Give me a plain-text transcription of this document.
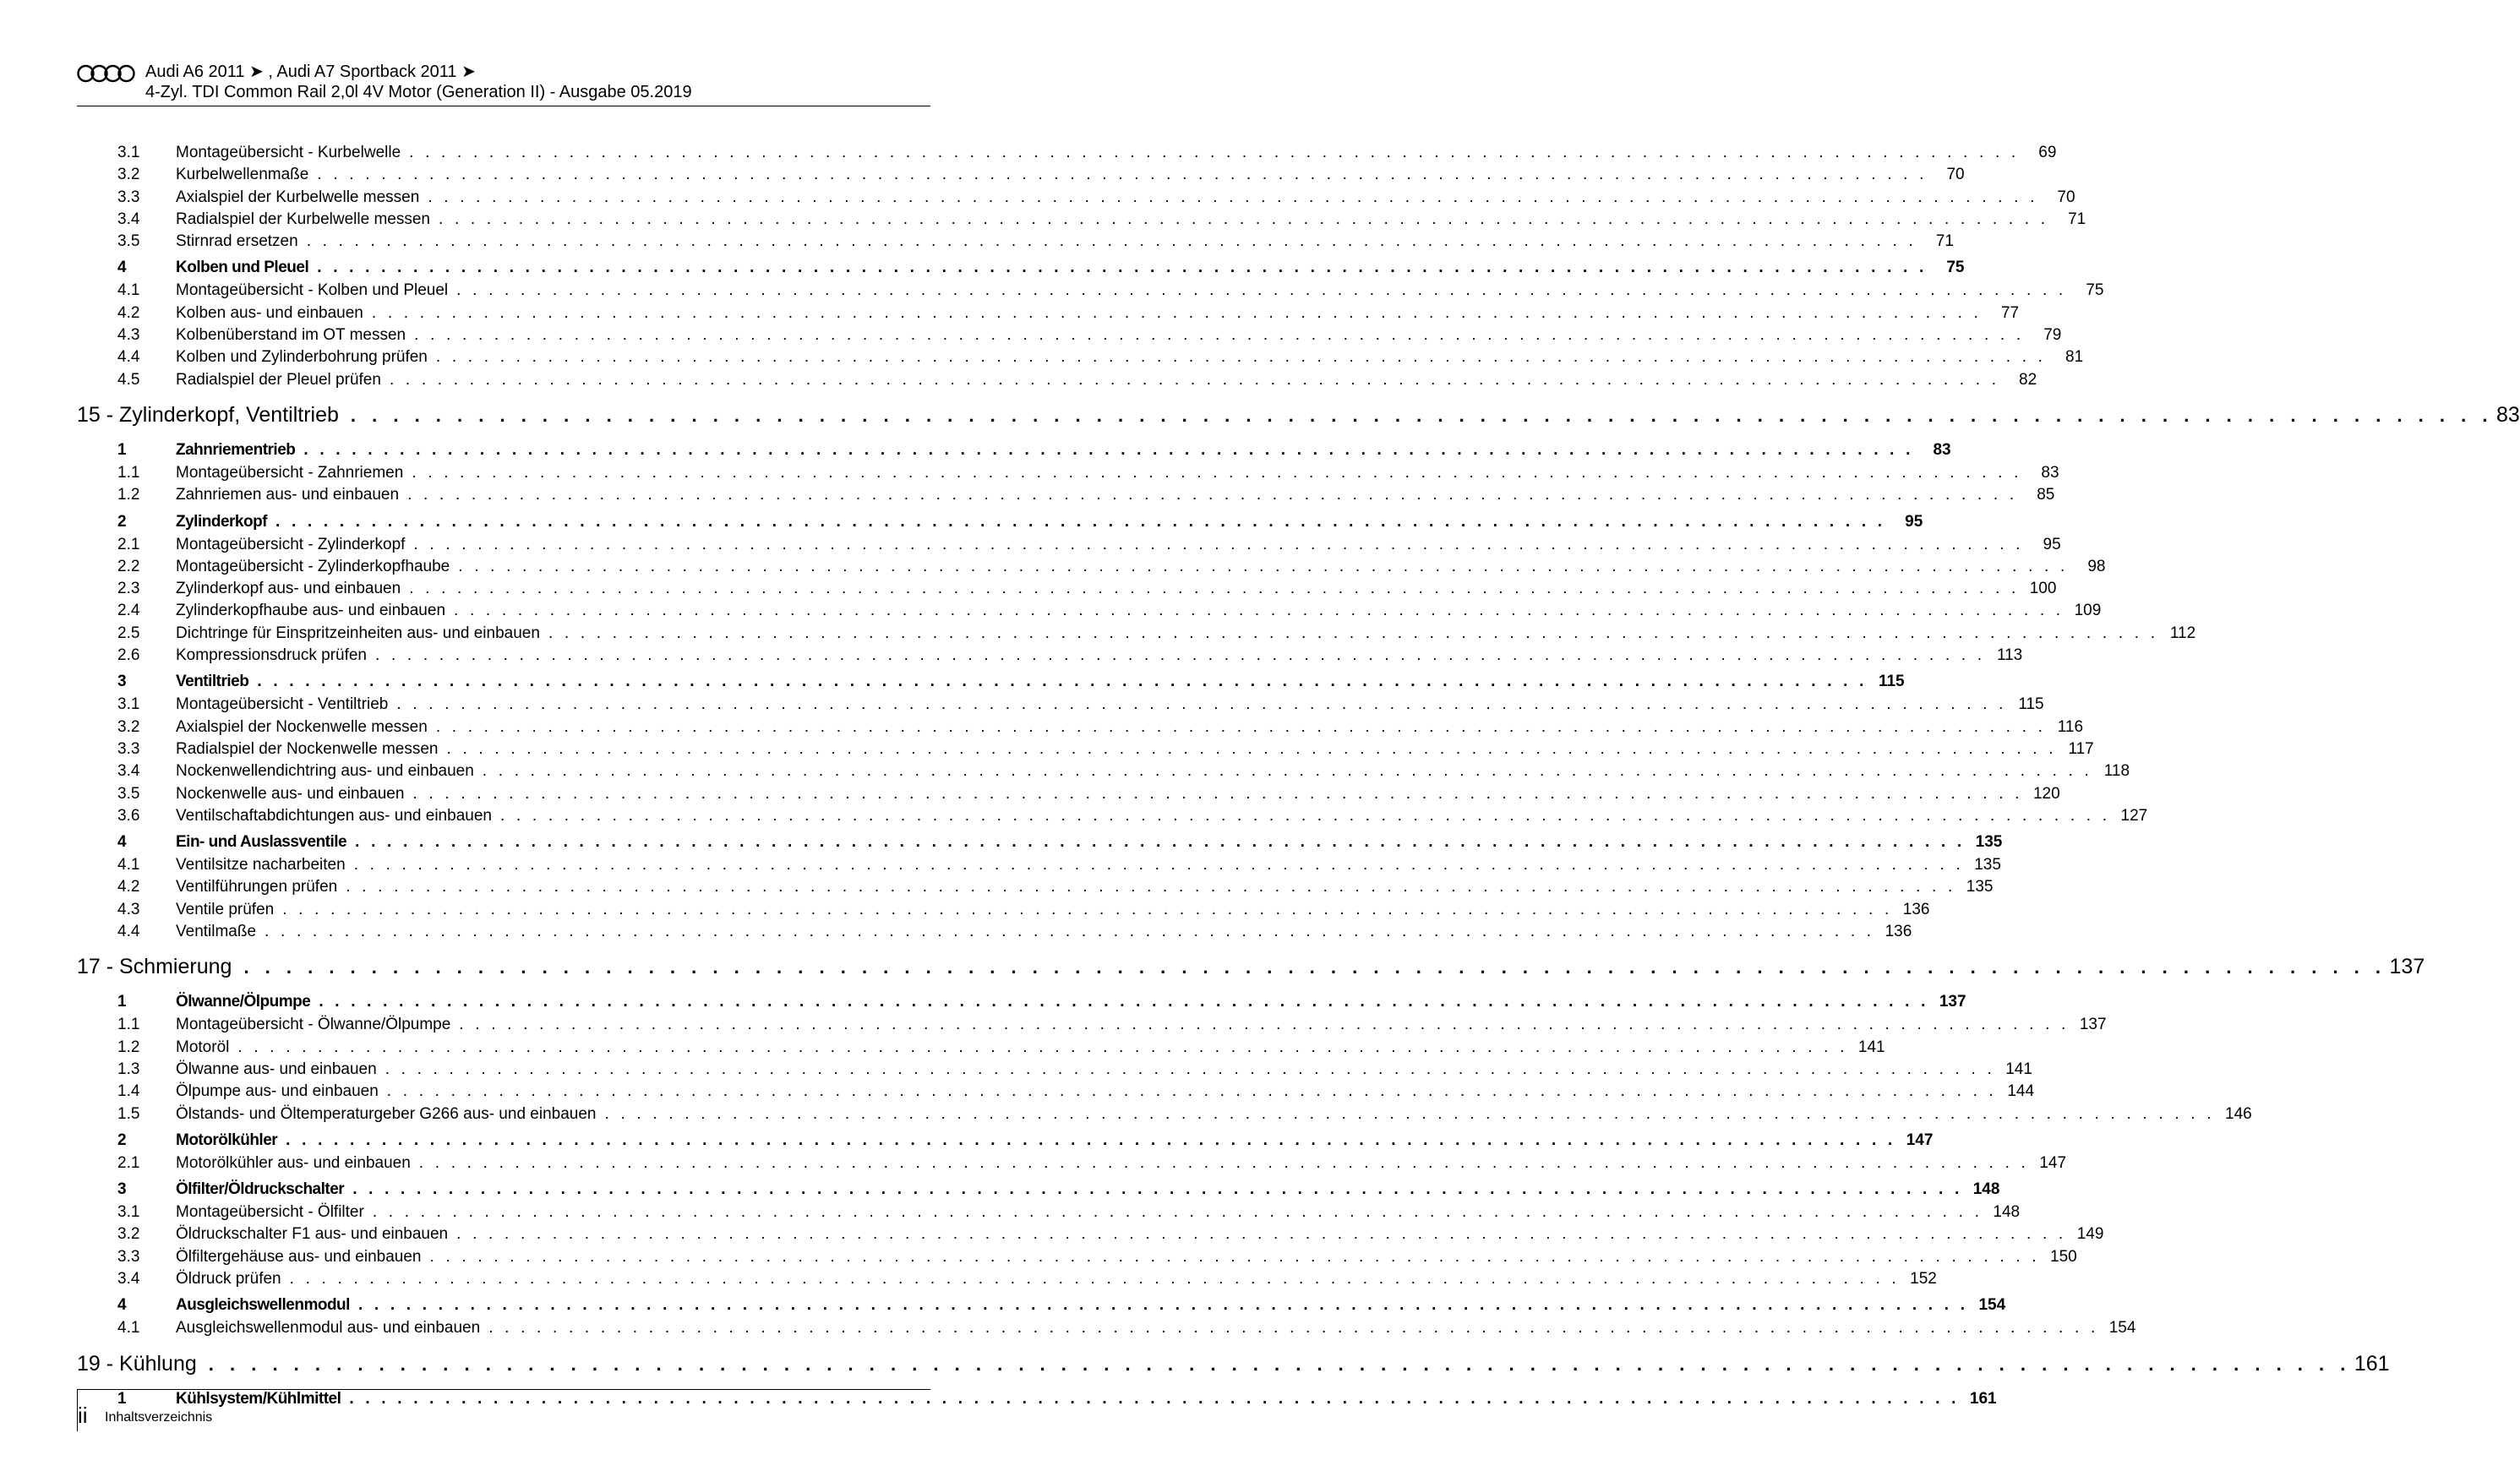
Audi A6 2011 ➤ , Audi A7 Sportback 2011 ➤
4-Zyl. TDI Common Rail 2,0l 4V Motor (Generation II) - Ausgabe 05.2019
3.1 Montageübersicht - Kurbelwelle . . . . . . . . . . . . . . . . . . . . . . . . . . . . . . . . . . . . . . . . . . . . . . . . . . . . . . . . . . . . . . . . . . . . . . . . . . . . . . . . . . . . . . . . . . . . . . . . . . . . .	69
3.2 Kurbelwellenmaße . . . . . . . . . . . . . . . . . . . . . . . . . . . . . . . . . . . . . . . . . . . . . . . . . . . . . . . . . . . . . . . . . . . . . . . . . . . . . . . . . . . . . . . . . . . . . . . . . . . . .	70
3.3 Axialspiel der Kurbelwelle messen . . . . . . . . . . . . . . . . . . . . . . . . . . . . . . . . . . . . . . . . . . . . . . . . . . . . . . . . . . . . . . . . . . . . . . . . . . . . . . . . . . . . . . . . . . . . . . . . . . . . .	70
3.4 Radialspiel der Kurbelwelle messen . . . . . . . . . . . . . . . . . . . . . . . . . . . . . . . . . . . . . . . . . . . . . . . . . . . . . . . . . . . . . . . . . . . . . . . . . . . . . . . . . . . . . . . . . . . . . . . . . . . . .	71
3.5 Stirnrad ersetzen . . . . . . . . . . . . . . . . . . . . . . . . . . . . . . . . . . . . . . . . . . . . . . . . . . . . . . . . . . . . . . . . . . . . . . . . . . . . . . . . . . . . . . . . . . . . . . . . . . . . .	71
4	Kolben und Pleuel . . . . . . . . . . . . . . . . . . . . . . . . . . . . . . . . . . . . . . . . . . . . . . . . . . . . . . . . . . . . . . . . . . . . . . . . . . . . . . . . . . . . . . . . . . . . . . . . . . . . .	75
4.1 Montageübersicht - Kolben und Pleuel . . . . . . . . . . . . . . . . . . . . . . . . . . . . . . . . . . . . . . . . . . . . . . . . . . . . . . . . . . . . . . . . . . . . . . . . . . . . . . . . . . . . . . . . . . . . . . . . . . . . .	75
4.2 Kolben aus- und einbauen . . . . . . . . . . . . . . . . . . . . . . . . . . . . . . . . . . . . . . . . . . . . . . . . . . . . . . . . . . . . . . . . . . . . . . . . . . . . . . . . . . . . . . . . . . . . . . . . . . . . .	77
4.3 Kolbenüberstand im OT messen . . . . . . . . . . . . . . . . . . . . . . . . . . . . . . . . . . . . . . . . . . . . . . . . . . . . . . . . . . . . . . . . . . . . . . . . . . . . . . . . . . . . . . . . . . . . . . . . . . . . .	79
4.4 Kolben und Zylinderbohrung prüfen . . . . . . . . . . . . . . . . . . . . . . . . . . . . . . . . . . . . . . . . . . . . . . . . . . . . . . . . . . . . . . . . . . . . . . . . . . . . . . . . . . . . . . . . . . . . . . . . . . . . .	81
4.5 Radialspiel der Pleuel prüfen . . . . . . . . . . . . . . . . . . . . . . . . . . . . . . . . . . . . . . . . . . . . . . . . . . . . . . . . . . . . . . . . . . . . . . . . . . . . . . . . . . . . . . . . . . . . . . . . . . . . .	82
15 - Zylinderkopf, Ventiltrieb . . . . . . . . . . . . . . . . . . . . . . . . . . . . . . . . . . . . . . . . . . . . . . . . . . . . . . . . . . . . . . . . . . . . . . . . . . . . . . . . . . . . . . . . . . . . . . . . . . . . . 83
1	Zahnriementrieb . . . . . . . . . . . . . . . . . . . . . . . . . . . . . . . . . . . . . . . . . . . . . . . . . . . . . . . . . . . . . . . . . . . . . . . . . . . . . . . . . . . . . . . . . . . . . . . . . . . . .	83
1.1 Montageübersicht - Zahnriemen . . . . . . . . . . . . . . . . . . . . . . . . . . . . . . . . . . . . . . . . . . . . . . . . . . . . . . . . . . . . . . . . . . . . . . . . . . . . . . . . . . . . . . . . . . . . . . . . . . . . .	83
1.2 Zahnriemen aus- und einbauen . . . . . . . . . . . . . . . . . . . . . . . . . . . . . . . . . . . . . . . . . . . . . . . . . . . . . . . . . . . . . . . . . . . . . . . . . . . . . . . . . . . . . . . . . . . . . . . . . . . . .	85
2	Zylinderkopf . . . . . . . . . . . . . . . . . . . . . . . . . . . . . . . . . . . . . . . . . . . . . . . . . . . . . . . . . . . . . . . . . . . . . . . . . . . . . . . . . . . . . . . . . . . . . . . . . . . . .	95
2.1 Montageübersicht - Zylinderkopf . . . . . . . . . . . . . . . . . . . . . . . . . . . . . . . . . . . . . . . . . . . . . . . . . . . . . . . . . . . . . . . . . . . . . . . . . . . . . . . . . . . . . . . . . . . . . . . . . . . . .	95
2.2 Montageübersicht - Zylinderkopfhaube . . . . . . . . . . . . . . . . . . . . . . . . . . . . . . . . . . . . . . . . . . . . . . . . . . . . . . . . . . . . . . . . . . . . . . . . . . . . . . . . . . . . . . . . . . . . . . . . . . . . .	98
2.3 Zylinderkopf aus- und einbauen . . . . . . . . . . . . . . . . . . . . . . . . . . . . . . . . . . . . . . . . . . . . . . . . . . . . . . . . . . . . . . . . . . . . . . . . . . . . . . . . . . . . . . . . . . . . . . . . . . . . . 100
2.4 Zylinderkopfhaube aus- und einbauen . . . . . . . . . . . . . . . . . . . . . . . . . . . . . . . . . . . . . . . . . . . . . . . . . . . . . . . . . . . . . . . . . . . . . . . . . . . . . . . . . . . . . . . . . . . . . . . . . . . . . 109
2.5 Dichtringe für Einspritzeinheiten aus- und einbauen . . . . . . . . . . . . . . . . . . . . . . . . . . . . . . . . . . . . . . . . . . . . . . . . . . . . . . . . . . . . . . . . . . . . . . . . . . . . . . . . . . . . . . . . . . . . . . . . . . . . . 112
2.6 Kompressionsdruck prüfen . . . . . . . . . . . . . . . . . . . . . . . . . . . . . . . . . . . . . . . . . . . . . . . . . . . . . . . . . . . . . . . . . . . . . . . . . . . . . . . . . . . . . . . . . . . . . . . . . . . . . 113
3	Ventiltrieb . . . . . . . . . . . . . . . . . . . . . . . . . . . . . . . . . . . . . . . . . . . . . . . . . . . . . . . . . . . . . . . . . . . . . . . . . . . . . . . . . . . . . . . . . . . . . . . . . . . . . 115
3.1 Montageübersicht - Ventiltrieb . . . . . . . . . . . . . . . . . . . . . . . . . . . . . . . . . . . . . . . . . . . . . . . . . . . . . . . . . . . . . . . . . . . . . . . . . . . . . . . . . . . . . . . . . . . . . . . . . . . . . 115
3.2 Axialspiel der Nockenwelle messen . . . . . . . . . . . . . . . . . . . . . . . . . . . . . . . . . . . . . . . . . . . . . . . . . . . . . . . . . . . . . . . . . . . . . . . . . . . . . . . . . . . . . . . . . . . . . . . . . . . . . 116
3.3 Radialspiel der Nockenwelle messen . . . . . . . . . . . . . . . . . . . . . . . . . . . . . . . . . . . . . . . . . . . . . . . . . . . . . . . . . . . . . . . . . . . . . . . . . . . . . . . . . . . . . . . . . . . . . . . . . . . . . 117
3.4 Nockenwellendichtring aus- und einbauen . . . . . . . . . . . . . . . . . . . . . . . . . . . . . . . . . . . . . . . . . . . . . . . . . . . . . . . . . . . . . . . . . . . . . . . . . . . . . . . . . . . . . . . . . . . . . . . . . . . . . 118
3.5 Nockenwelle aus- und einbauen . . . . . . . . . . . . . . . . . . . . . . . . . . . . . . . . . . . . . . . . . . . . . . . . . . . . . . . . . . . . . . . . . . . . . . . . . . . . . . . . . . . . . . . . . . . . . . . . . . . . . 120
3.6 Ventilschaftabdichtungen aus- und einbauen . . . . . . . . . . . . . . . . . . . . . . . . . . . . . . . . . . . . . . . . . . . . . . . . . . . . . . . . . . . . . . . . . . . . . . . . . . . . . . . . . . . . . . . . . . . . . . . . . . . . . 127
4	Ein- und Auslassventile . . . . . . . . . . . . . . . . . . . . . . . . . . . . . . . . . . . . . . . . . . . . . . . . . . . . . . . . . . . . . . . . . . . . . . . . . . . . . . . . . . . . . . . . . . . . . . . . . . . . . 135
4.1 Ventilsitze nacharbeiten . . . . . . . . . . . . . . . . . . . . . . . . . . . . . . . . . . . . . . . . . . . . . . . . . . . . . . . . . . . . . . . . . . . . . . . . . . . . . . . . . . . . . . . . . . . . . . . . . . . . . 135
4.2 Ventilführungen prüfen . . . . . . . . . . . . . . . . . . . . . . . . . . . . . . . . . . . . . . . . . . . . . . . . . . . . . . . . . . . . . . . . . . . . . . . . . . . . . . . . . . . . . . . . . . . . . . . . . . . . . 135
4.3 Ventile prüfen . . . . . . . . . . . . . . . . . . . . . . . . . . . . . . . . . . . . . . . . . . . . . . . . . . . . . . . . . . . . . . . . . . . . . . . . . . . . . . . . . . . . . . . . . . . . . . . . . . . . . 136
4.4 Ventilmaße . . . . . . . . . . . . . . . . . . . . . . . . . . . . . . . . . . . . . . . . . . . . . . . . . . . . . . . . . . . . . . . . . . . . . . . . . . . . . . . . . . . . . . . . . . . . . . . . . . . . . 136
17 - Schmierung . . . . . . . . . . . . . . . . . . . . . . . . . . . . . . . . . . . . . . . . . . . . . . . . . . . . . . . . . . . . . . . . . . . . . . . . . . . . . . . . . . . . . . . . . . . . . . . . . . . . . 137
1	Ölwanne/Ölpumpe . . . . . . . . . . . . . . . . . . . . . . . . . . . . . . . . . . . . . . . . . . . . . . . . . . . . . . . . . . . . . . . . . . . . . . . . . . . . . . . . . . . . . . . . . . . . . . . . . . . . . 137
1.1 Montageübersicht - Ölwanne/Ölpumpe . . . . . . . . . . . . . . . . . . . . . . . . . . . . . . . . . . . . . . . . . . . . . . . . . . . . . . . . . . . . . . . . . . . . . . . . . . . . . . . . . . . . . . . . . . . . . . . . . . . . . 137
1.2 Motoröl . . . . . . . . . . . . . . . . . . . . . . . . . . . . . . . . . . . . . . . . . . . . . . . . . . . . . . . . . . . . . . . . . . . . . . . . . . . . . . . . . . . . . . . . . . . . . . . . . . . . . 141
1.3 Ölwanne aus- und einbauen . . . . . . . . . . . . . . . . . . . . . . . . . . . . . . . . . . . . . . . . . . . . . . . . . . . . . . . . . . . . . . . . . . . . . . . . . . . . . . . . . . . . . . . . . . . . . . . . . . . . . 141
1.4 Ölpumpe aus- und einbauen . . . . . . . . . . . . . . . . . . . . . . . . . . . . . . . . . . . . . . . . . . . . . . . . . . . . . . . . . . . . . . . . . . . . . . . . . . . . . . . . . . . . . . . . . . . . . . . . . . . . . 144
1.5 Ölstands- und Öltemperaturgeber G266 aus- und einbauen . . . . . . . . . . . . . . . . . . . . . . . . . . . . . . . . . . . . . . . . . . . . . . . . . . . . . . . . . . . . . . . . . . . . . . . . . . . . . . . . . . . . . . . . . . . . . . . . . . . . . 146
2	Motorölkühler . . . . . . . . . . . . . . . . . . . . . . . . . . . . . . . . . . . . . . . . . . . . . . . . . . . . . . . . . . . . . . . . . . . . . . . . . . . . . . . . . . . . . . . . . . . . . . . . . . . . . 147
2.1 Motorölkühler aus- und einbauen . . . . . . . . . . . . . . . . . . . . . . . . . . . . . . . . . . . . . . . . . . . . . . . . . . . . . . . . . . . . . . . . . . . . . . . . . . . . . . . . . . . . . . . . . . . . . . . . . . . . . 147
3	Ölfilter/Öldruckschalter . . . . . . . . . . . . . . . . . . . . . . . . . . . . . . . . . . . . . . . . . . . . . . . . . . . . . . . . . . . . . . . . . . . . . . . . . . . . . . . . . . . . . . . . . . . . . . . . . . . . . 148
3.1 Montageübersicht - Ölfilter . . . . . . . . . . . . . . . . . . . . . . . . . . . . . . . . . . . . . . . . . . . . . . . . . . . . . . . . . . . . . . . . . . . . . . . . . . . . . . . . . . . . . . . . . . . . . . . . . . . . . 148
3.2 Öldruckschalter F1 aus- und einbauen . . . . . . . . . . . . . . . . . . . . . . . . . . . . . . . . . . . . . . . . . . . . . . . . . . . . . . . . . . . . . . . . . . . . . . . . . . . . . . . . . . . . . . . . . . . . . . . . . . . . . 149
3.3 Ölfiltergehäuse aus- und einbauen . . . . . . . . . . . . . . . . . . . . . . . . . . . . . . . . . . . . . . . . . . . . . . . . . . . . . . . . . . . . . . . . . . . . . . . . . . . . . . . . . . . . . . . . . . . . . . . . . . . . . 150
3.4 Öldruck prüfen . . . . . . . . . . . . . . . . . . . . . . . . . . . . . . . . . . . . . . . . . . . . . . . . . . . . . . . . . . . . . . . . . . . . . . . . . . . . . . . . . . . . . . . . . . . . . . . . . . . . . 152
4	Ausgleichswellenmodul . . . . . . . . . . . . . . . . . . . . . . . . . . . . . . . . . . . . . . . . . . . . . . . . . . . . . . . . . . . . . . . . . . . . . . . . . . . . . . . . . . . . . . . . . . . . . . . . . . . . . 154
4.1 Ausgleichswellenmodul aus- und einbauen . . . . . . . . . . . . . . . . . . . . . . . . . . . . . . . . . . . . . . . . . . . . . . . . . . . . . . . . . . . . . . . . . . . . . . . . . . . . . . . . . . . . . . . . . . . . . . . . . . . . . 154
19 - Kühlung . . . . . . . . . . . . . . . . . . . . . . . . . . . . . . . . . . . . . . . . . . . . . . . . . . . . . . . . . . . . . . . . . . . . . . . . . . . . . . . . . . . . . . . . . . . . . . . . . . . . . 161
1	Kühlsystem/Kühlmittel . . . . . . . . . . . . . . . . . . . . . . . . . . . . . . . . . . . . . . . . . . . . . . . . . . . . . . . . . . . . . . . . . . . . . . . . . . . . . . . . . . . . . . . . . . . . . . . . . . . . . 161
ii Inhaltsverzeichnis
